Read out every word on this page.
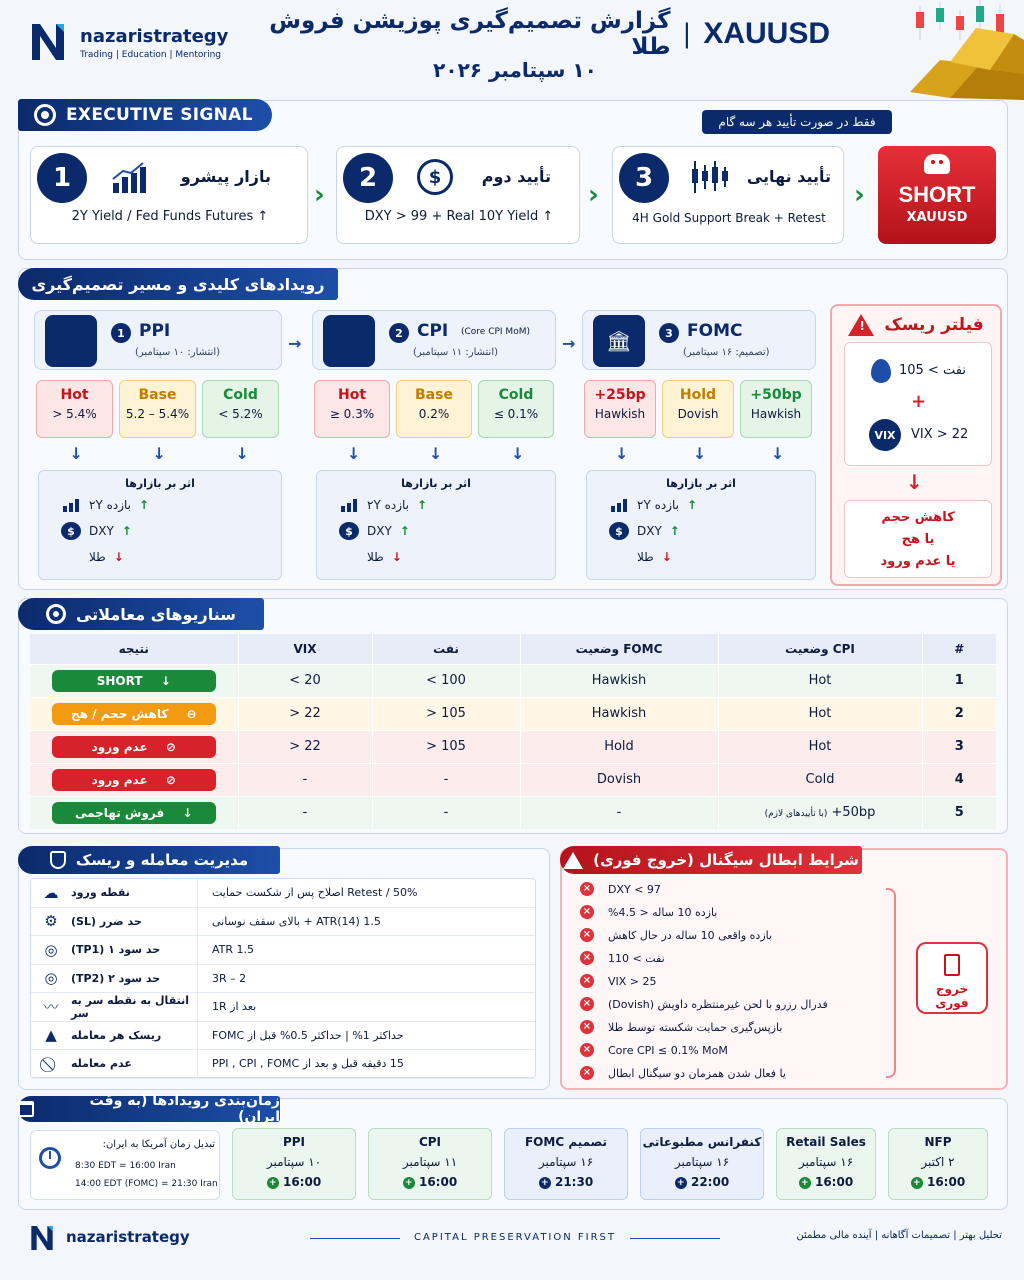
nazaristrategy
Trading | Education | Mentoring
XAUUSD
|
گزارش تصمیم‌گیری پوزیشن فروش طلا
۱۰ سپتامبر ۲۰۲۶
EXECUTIVE SIGNAL	فقط در صورت تأیید هر سه گام
1	بازار پیشرو
2Y Yield / Fed Funds Futures ↑
›
2	$	تأیید دوم
DXY > 99 + Real 10Y Yield ↑
›
3	تأیید نهایی
4H Gold Support Break + Retest
›	SHORT
XAUUSD
رویدادهای کلیدی و مسیر تصمیم‌گیری
1 PPI
(انتشار: ۱۰ سپتامبر)	→
Hot
> 5.4%
↓
Base
5.2 – 5.4%
↓
Cold
< 5.2%
↓
اثر بر بازارها
بازده ۲Y ↑
$	DXY ↑
طلا ↓
2 CPI (Core CPI MoM)
(انتشار: ۱۱ سپتامبر)	→
Hot
≥ 0.3%
↓
Base
0.2%
↓
Cold
≤ 0.1%
↓
اثر بر بازارها
بازده ۲Y ↑
$	DXY ↑
طلا ↓
🏛	3 FOMC
(تصمیم: ۱۶ سپتامبر)
+25bp
Hawkish
↓
Hold
Dovish
↓
+50bp
Hawkish
↓
اثر بر بازارها
بازده ۲Y ↑
$	DXY ↑
طلا ↓
فیلتر ریسک
!
نفت > 105
+
VIX	VIX > 22
↓
کاهش حجم
یا هج
یا عدم ورود
سناریوهای معاملاتی
نتیجه	VIX	نفت	وضعیت FOMC	وضعیت CPI	#
↓ SHORT	< 20	< 100	Hawkish	Hot	1
⊖ کاهش حجم / هج	> 22	> 105	Hawkish	Hot	2
⦸ عدم ورود	> 22	> 105	Hold	Hot	3
⦸ عدم ورود	-	-	Dovish	Cold	4
↓ فروش تهاجمی	-	-	-	(با تأییدهای لازم) +50bp	5
مدیریت معامله و ریسک
☁	نقطه ورود	Retest / 50% اصلاح پس از شکست حمایت
⚙	حد ضرر (SL)	1.5 ATR(14) + بالای سقف نوسانی
◎	حد سود ۱ (TP1)	1.5 ATR
◎	حد سود ۲ (TP2)	2 – 3R
〰	انتقال به نقطه سر به سر	بعد از 1R
▲	ریسک هر معامله	حداکثر 1% | حداکثر 0.5% قبل از FOMC
عدم معامله	15 دقیقه قبل و بعد از PPI , CPI , FOMC
شرایط ابطال سیگنال (خروج فوری)
× DXY < 97
× بازده 10 ساله < 4.5%
× بازده واقعی 10 ساله در حال کاهش
× نفت > 110
× VIX > 25
× فدرال رزرو با لحن غیرمنتظره داویش (Dovish)
× بازپس‌گیری حمایت شکسته توسط طلا
× Core CPI ≤ 0.1% MoM
× یا فعال شدن همزمان دو سیگنال ابطال
خروج فوری
زمان‌بندی رویدادها (به وقت ایران)
تبدیل زمان آمریکا به ایران:
8:30 EDT = 16:00 Iran
14:00 EDT (FOMC) = 21:30 Iran
PPI
۱۰ سپتامبر
+ 16:00
CPI
۱۱ سپتامبر
+ 16:00
تصمیم FOMC
۱۶ سپتامبر
+ 21:30
کنفرانس مطبوعاتی
۱۶ سپتامبر
+ 22:00
Retail Sales
۱۶ سپتامبر
+ 16:00
NFP
۲ اکتبر
+ 16:00
nazaristrategy	CAPITAL PRESERVATION FIRST	تحلیل بهتر | تصمیمات آگاهانه | آینده مالی مطمئن
